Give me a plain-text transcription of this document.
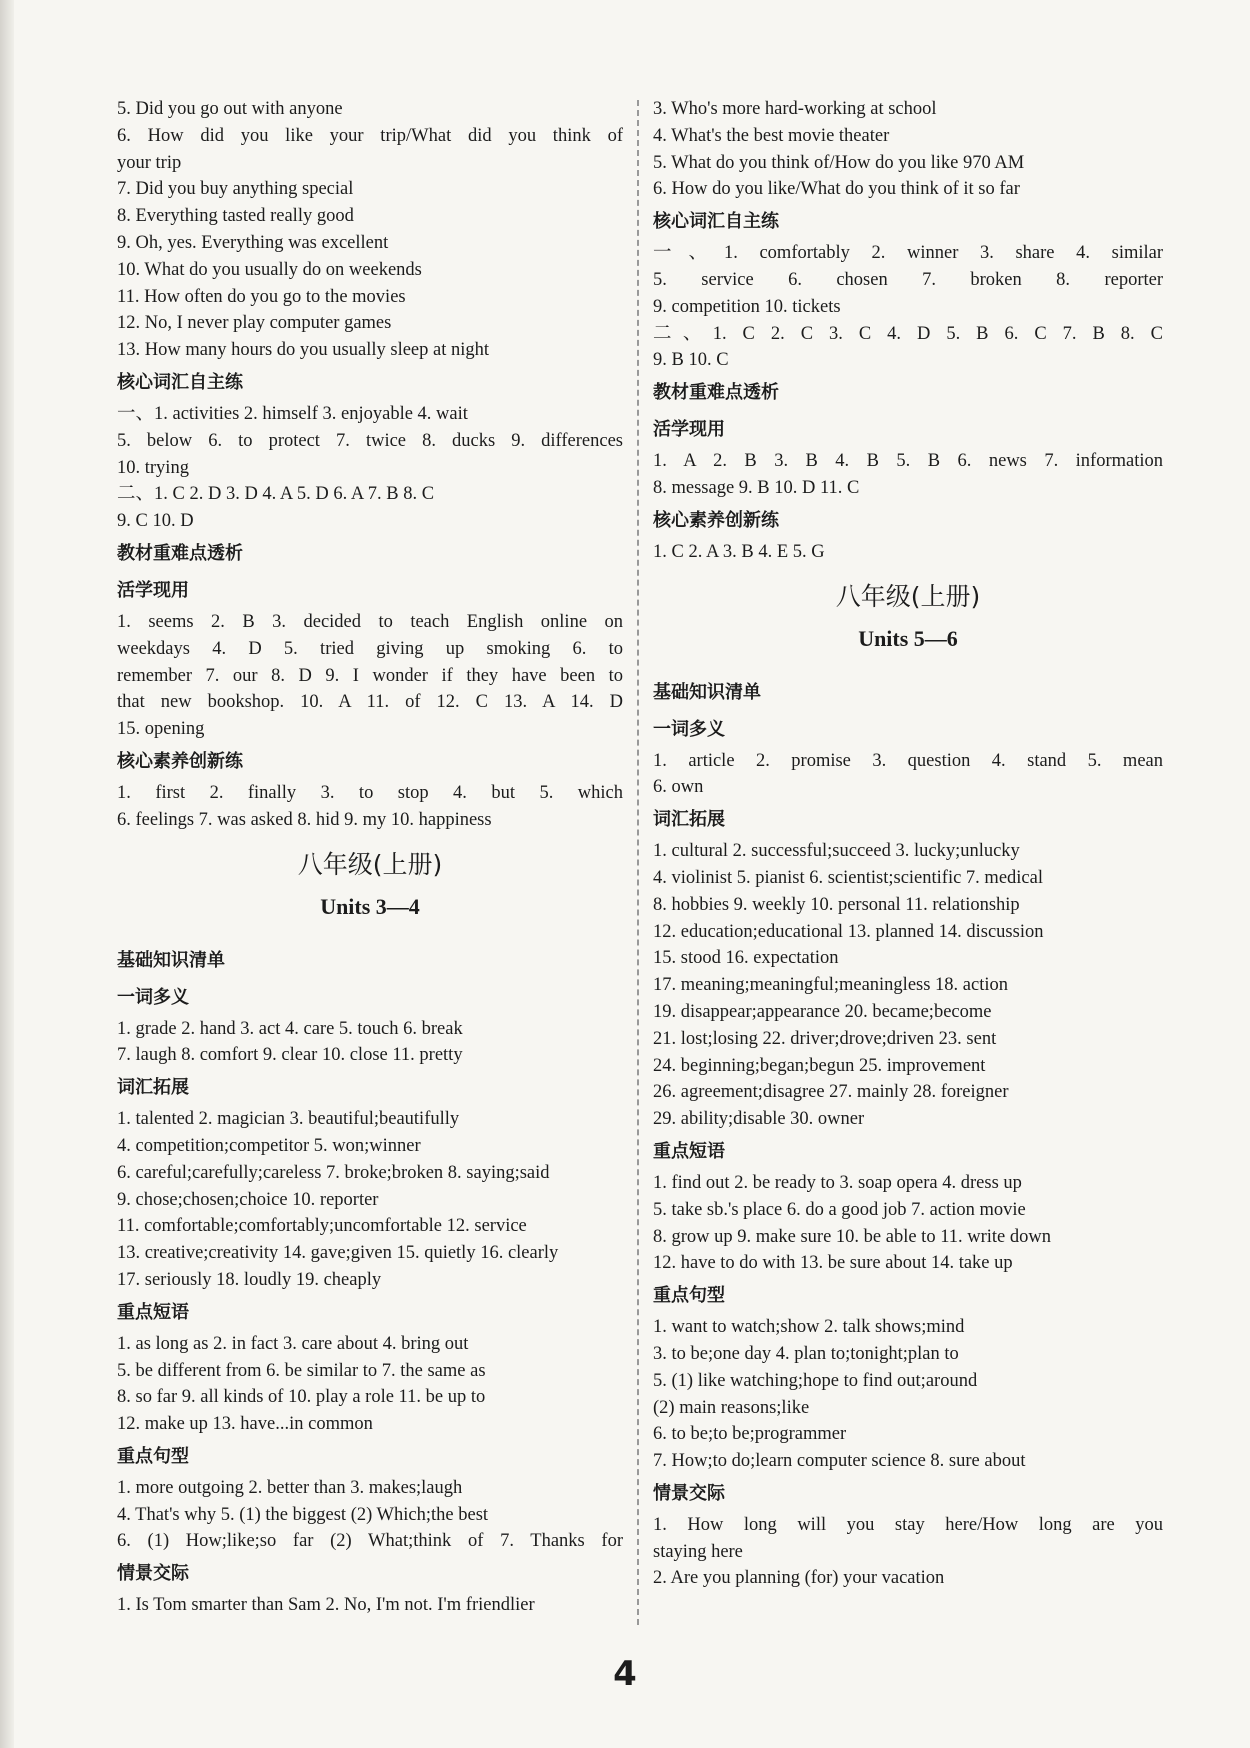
5. Did you go out with anyone
6. How did you like your trip/What did you think of
your trip
7. Did you buy anything special
8. Everything tasted really good
9. Oh, yes. Everything was excellent
10. What do you usually do on weekends
11. How often do you go to the movies
12. No, I never play computer games
13. How many hours do you usually sleep at night
核心词汇自主练
一、1. activities 2. himself 3. enjoyable 4. wait
5. below 6. to protect 7. twice 8. ducks 9. differences
10. trying
二、1. C 2. D 3. D 4. A 5. D 6. A 7. B 8. C
9. C 10. D
教材重难点透析
活学现用
1. seems 2. B 3. decided to teach English online on
weekdays 4. D 5. tried giving up smoking 6. to
remember 7. our 8. D 9. I wonder if they have been to
that new bookshop. 10. A 11. of 12. C 13. A 14. D
15. opening
核心素养创新练
1. first 2. finally 3. to stop 4. but 5. which
6. feelings 7. was asked 8. hid 9. my 10. happiness
八年级(上册)
Units 3—4
基础知识清单
一词多义
1. grade 2. hand 3. act 4. care 5. touch 6. break
7. laugh 8. comfort 9. clear 10. close 11. pretty
词汇拓展
1. talented 2. magician 3. beautiful;beautifully
4. competition;competitor 5. won;winner
6. careful;carefully;careless 7. broke;broken 8. saying;said
9. chose;chosen;choice 10. reporter
11. comfortable;comfortably;uncomfortable 12. service
13. creative;creativity 14. gave;given 15. quietly 16. clearly
17. seriously 18. loudly 19. cheaply
重点短语
1. as long as 2. in fact 3. care about 4. bring out
5. be different from 6. be similar to 7. the same as
8. so far 9. all kinds of 10. play a role 11. be up to
12. make up 13. have...in common
重点句型
1. more outgoing 2. better than 3. makes;laugh
4. That's why 5. (1) the biggest (2) Which;the best
6. (1) How;like;so far (2) What;think of 7. Thanks for
情景交际
1. Is Tom smarter than Sam 2. No, I'm not. I'm friendlier
3. Who's more hard-working at school
4. What's the best movie theater
5. What do you think of/How do you like 970 AM
6. How do you like/What do you think of it so far
核心词汇自主练
一、1. comfortably 2. winner 3. share 4. similar
5. service 6. chosen 7. broken 8. reporter
9. competition 10. tickets
二、1. C 2. C 3. C 4. D 5. B 6. C 7. B 8. C
9. B 10. C
教材重难点透析
活学现用
1. A 2. B 3. B 4. B 5. B 6. news 7. information
8. message 9. B 10. D 11. C
核心素养创新练
1. C 2. A 3. B 4. E 5. G
八年级(上册)
Units 5—6
基础知识清单
一词多义
1. article 2. promise 3. question 4. stand 5. mean
6. own
词汇拓展
1. cultural 2. successful;succeed 3. lucky;unlucky
4. violinist 5. pianist 6. scientist;scientific 7. medical
8. hobbies 9. weekly 10. personal 11. relationship
12. education;educational 13. planned 14. discussion
15. stood 16. expectation
17. meaning;meaningful;meaningless 18. action
19. disappear;appearance 20. became;become
21. lost;losing 22. driver;drove;driven 23. sent
24. beginning;began;begun 25. improvement
26. agreement;disagree 27. mainly 28. foreigner
29. ability;disable 30. owner
重点短语
1. find out 2. be ready to 3. soap opera 4. dress up
5. take sb.'s place 6. do a good job 7. action movie
8. grow up 9. make sure 10. be able to 11. write down
12. have to do with 13. be sure about 14. take up
重点句型
1. want to watch;show 2. talk shows;mind
3. to be;one day 4. plan to;tonight;plan to
5. (1) like watching;hope to find out;around
(2) main reasons;like
6. to be;to be;programmer
7. How;to do;learn computer science 8. sure about
情景交际
1. How long will you stay here/How long are you
staying here
2. Are you planning (for) your vacation
4
